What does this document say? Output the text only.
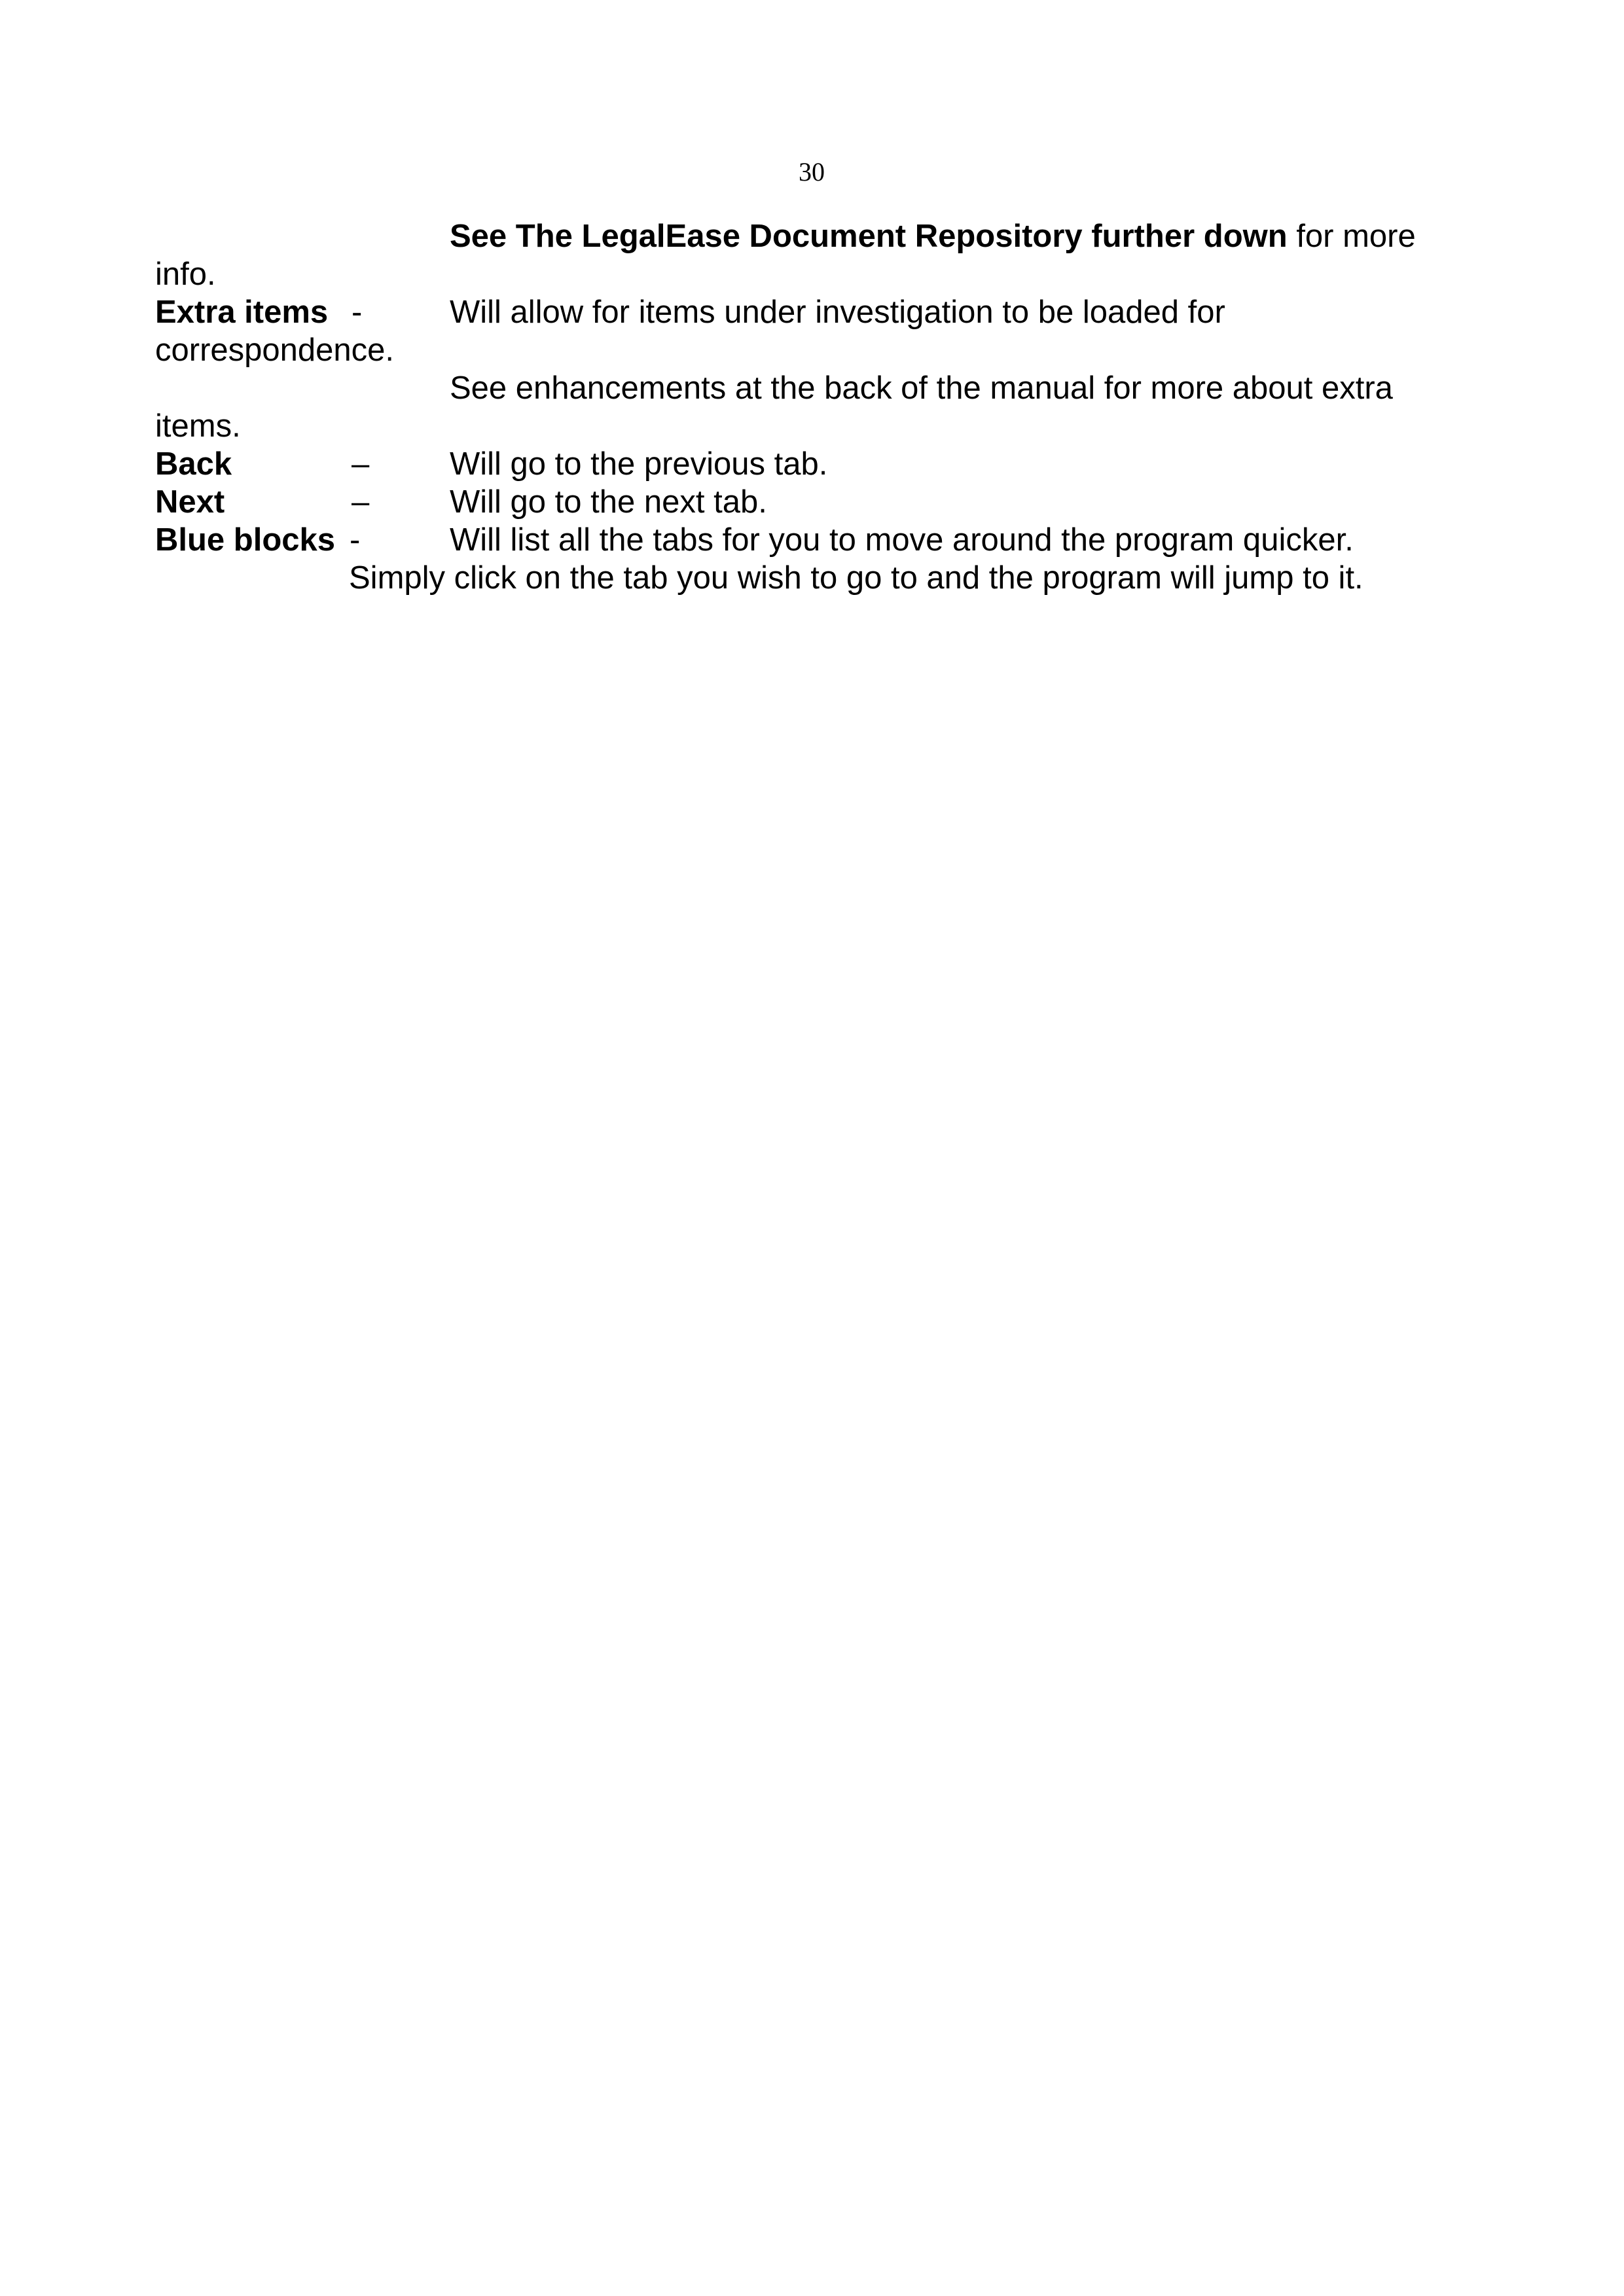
30
See The LegalEase Document Repository further down for more
info.
Extra items -	Will allow for items under investigation to be loaded for
correspondence.
See enhancements at the back of the manual for more about extra
items.
Back	–	Will go to the previous tab.
Next	–	Will go to the next tab.
Blue blocks -	Will list all the tabs for you to move around the program quicker.
Simply click on the tab you wish to go to and the program will jump to it.
